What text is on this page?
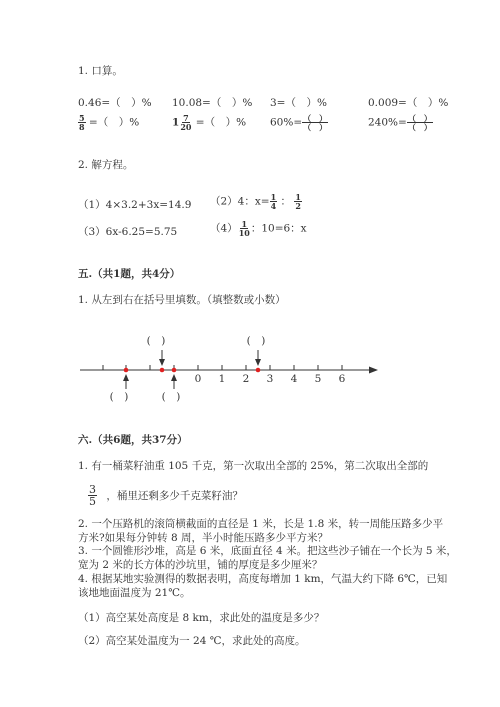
1. 口算。
0.46=（　）% 10.08=（　）% 3=（　）%	0.009=（　）%
$\frac{5}{8}$ =（　）%	$1 \frac{7}{20}$ =（　）% $60\%= \frac{( )}{( )}$	$240\%= \frac{( )}{( )}$
2. 解方程。
（1）4×3.2+3x=14.9 （2）4：$x= \frac{1}{4}$ ： $\frac{1}{2}$
（3）6x-6.25=5.75	$(4) \frac{1}{10}$ ：10=6：x
五.（共1题，共4分）
1. 从左到右在括号里填数。（填整数或小数）
0 1 2 3 4 5 6
(　)	(　)
(　)	(　)
六.（共6题，共37分）
1. 有一桶菜籽油重 105 千克，第一次取出全部的 25%，第二次取出全部的
$\frac{3}{5}$ ，桶里还剩多少千克菜籽油？
2. 一个压路机的滚筒横截面的直径是 1 米，长是 1.8 米，转一周能压路多少平
方米?如果每分钟转 8 周，半小时能压路多少平方米？
3. 一个圆锥形沙堆，高是 6 米，底面直径 4 米。把这些沙子铺在一个长为 5 米，
宽为 2 米的长方体的沙坑里，铺的厚度是多少厘米？
4. 根据某地实验测得的数据表明，高度每增加 1 km，气温大约下降 6℃，已知
该地地面温度为 21℃。
（1）高空某处高度是 8 km，求此处的温度是多少？
（2）高空某处温度为一 24 ℃，求此处的高度。
